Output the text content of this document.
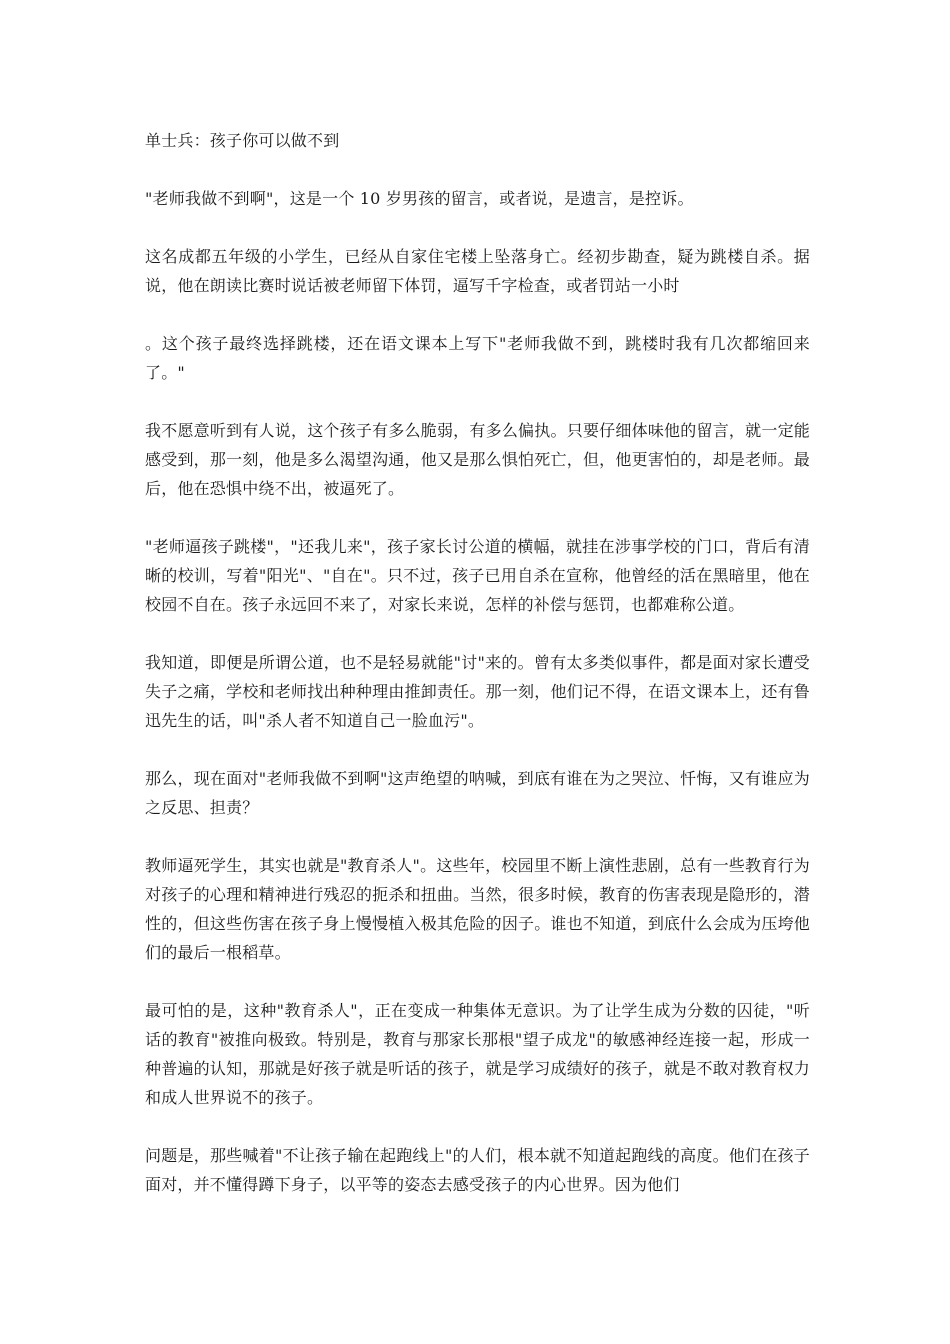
单士兵：孩子你可以做不到

"老师我做不到啊"，这是一个 10 岁男孩的留言，或者说，是遗言，是控诉。

这名成都五年级的小学生，已经从自家住宅楼上坠落身亡。经初步勘查，疑为跳楼自杀。据说，他在朗读比赛时说话被老师留下体罚，逼写千字检查，或者罚站一小时

。这个孩子最终选择跳楼，还在语文课本上写下"老师我做不到，跳楼时我有几次都缩回来了。"

我不愿意听到有人说，这个孩子有多么脆弱，有多么偏执。只要仔细体味他的留言，就一定能感受到，那一刻，他是多么渴望沟通，他又是那么惧怕死亡，但，他更害怕的，却是老师。最后，他在恐惧中绕不出，被逼死了。

"老师逼孩子跳楼"，"还我儿来"，孩子家长讨公道的横幅，就挂在涉事学校的门口，背后有清晰的校训，写着"阳光"、"自在"。只不过，孩子已用自杀在宣称，他曾经的活在黑暗里，他在校园不自在。孩子永远回不来了，对家长来说，怎样的补偿与惩罚，也都难称公道。

我知道，即便是所谓公道，也不是轻易就能"讨"来的。曾有太多类似事件，都是面对家长遭受失子之痛，学校和老师找出种种理由推卸责任。那一刻，他们记不得，在语文课本上，还有鲁迅先生的话，叫"杀人者不知道自己一脸血污"。

那么，现在面对"老师我做不到啊"这声绝望的呐喊，到底有谁在为之哭泣、忏悔，又有谁应为之反思、担责？

教师逼死学生，其实也就是"教育杀人"。这些年，校园里不断上演性悲剧，总有一些教育行为对孩子的心理和精神进行残忍的扼杀和扭曲。当然，很多时候，教育的伤害表现是隐形的，潜性的，但这些伤害在孩子身上慢慢植入极其危险的因子。谁也不知道，到底什么会成为压垮他们的最后一根稻草。

最可怕的是，这种"教育杀人"，正在变成一种集体无意识。为了让学生成为分数的囚徒，"听话的教育"被推向极致。特别是，教育与那家长那根"望子成龙"的敏感神经连接一起，形成一种普遍的认知，那就是好孩子就是听话的孩子，就是学习成绩好的孩子，就是不敢对教育权力和成人世界说不的孩子。

问题是，那些喊着"不让孩子输在起跑线上"的人们，根本就不知道起跑线的高度。他们在孩子面对，并不懂得蹲下身子，以平等的姿态去感受孩子的内心世界。因为他们
